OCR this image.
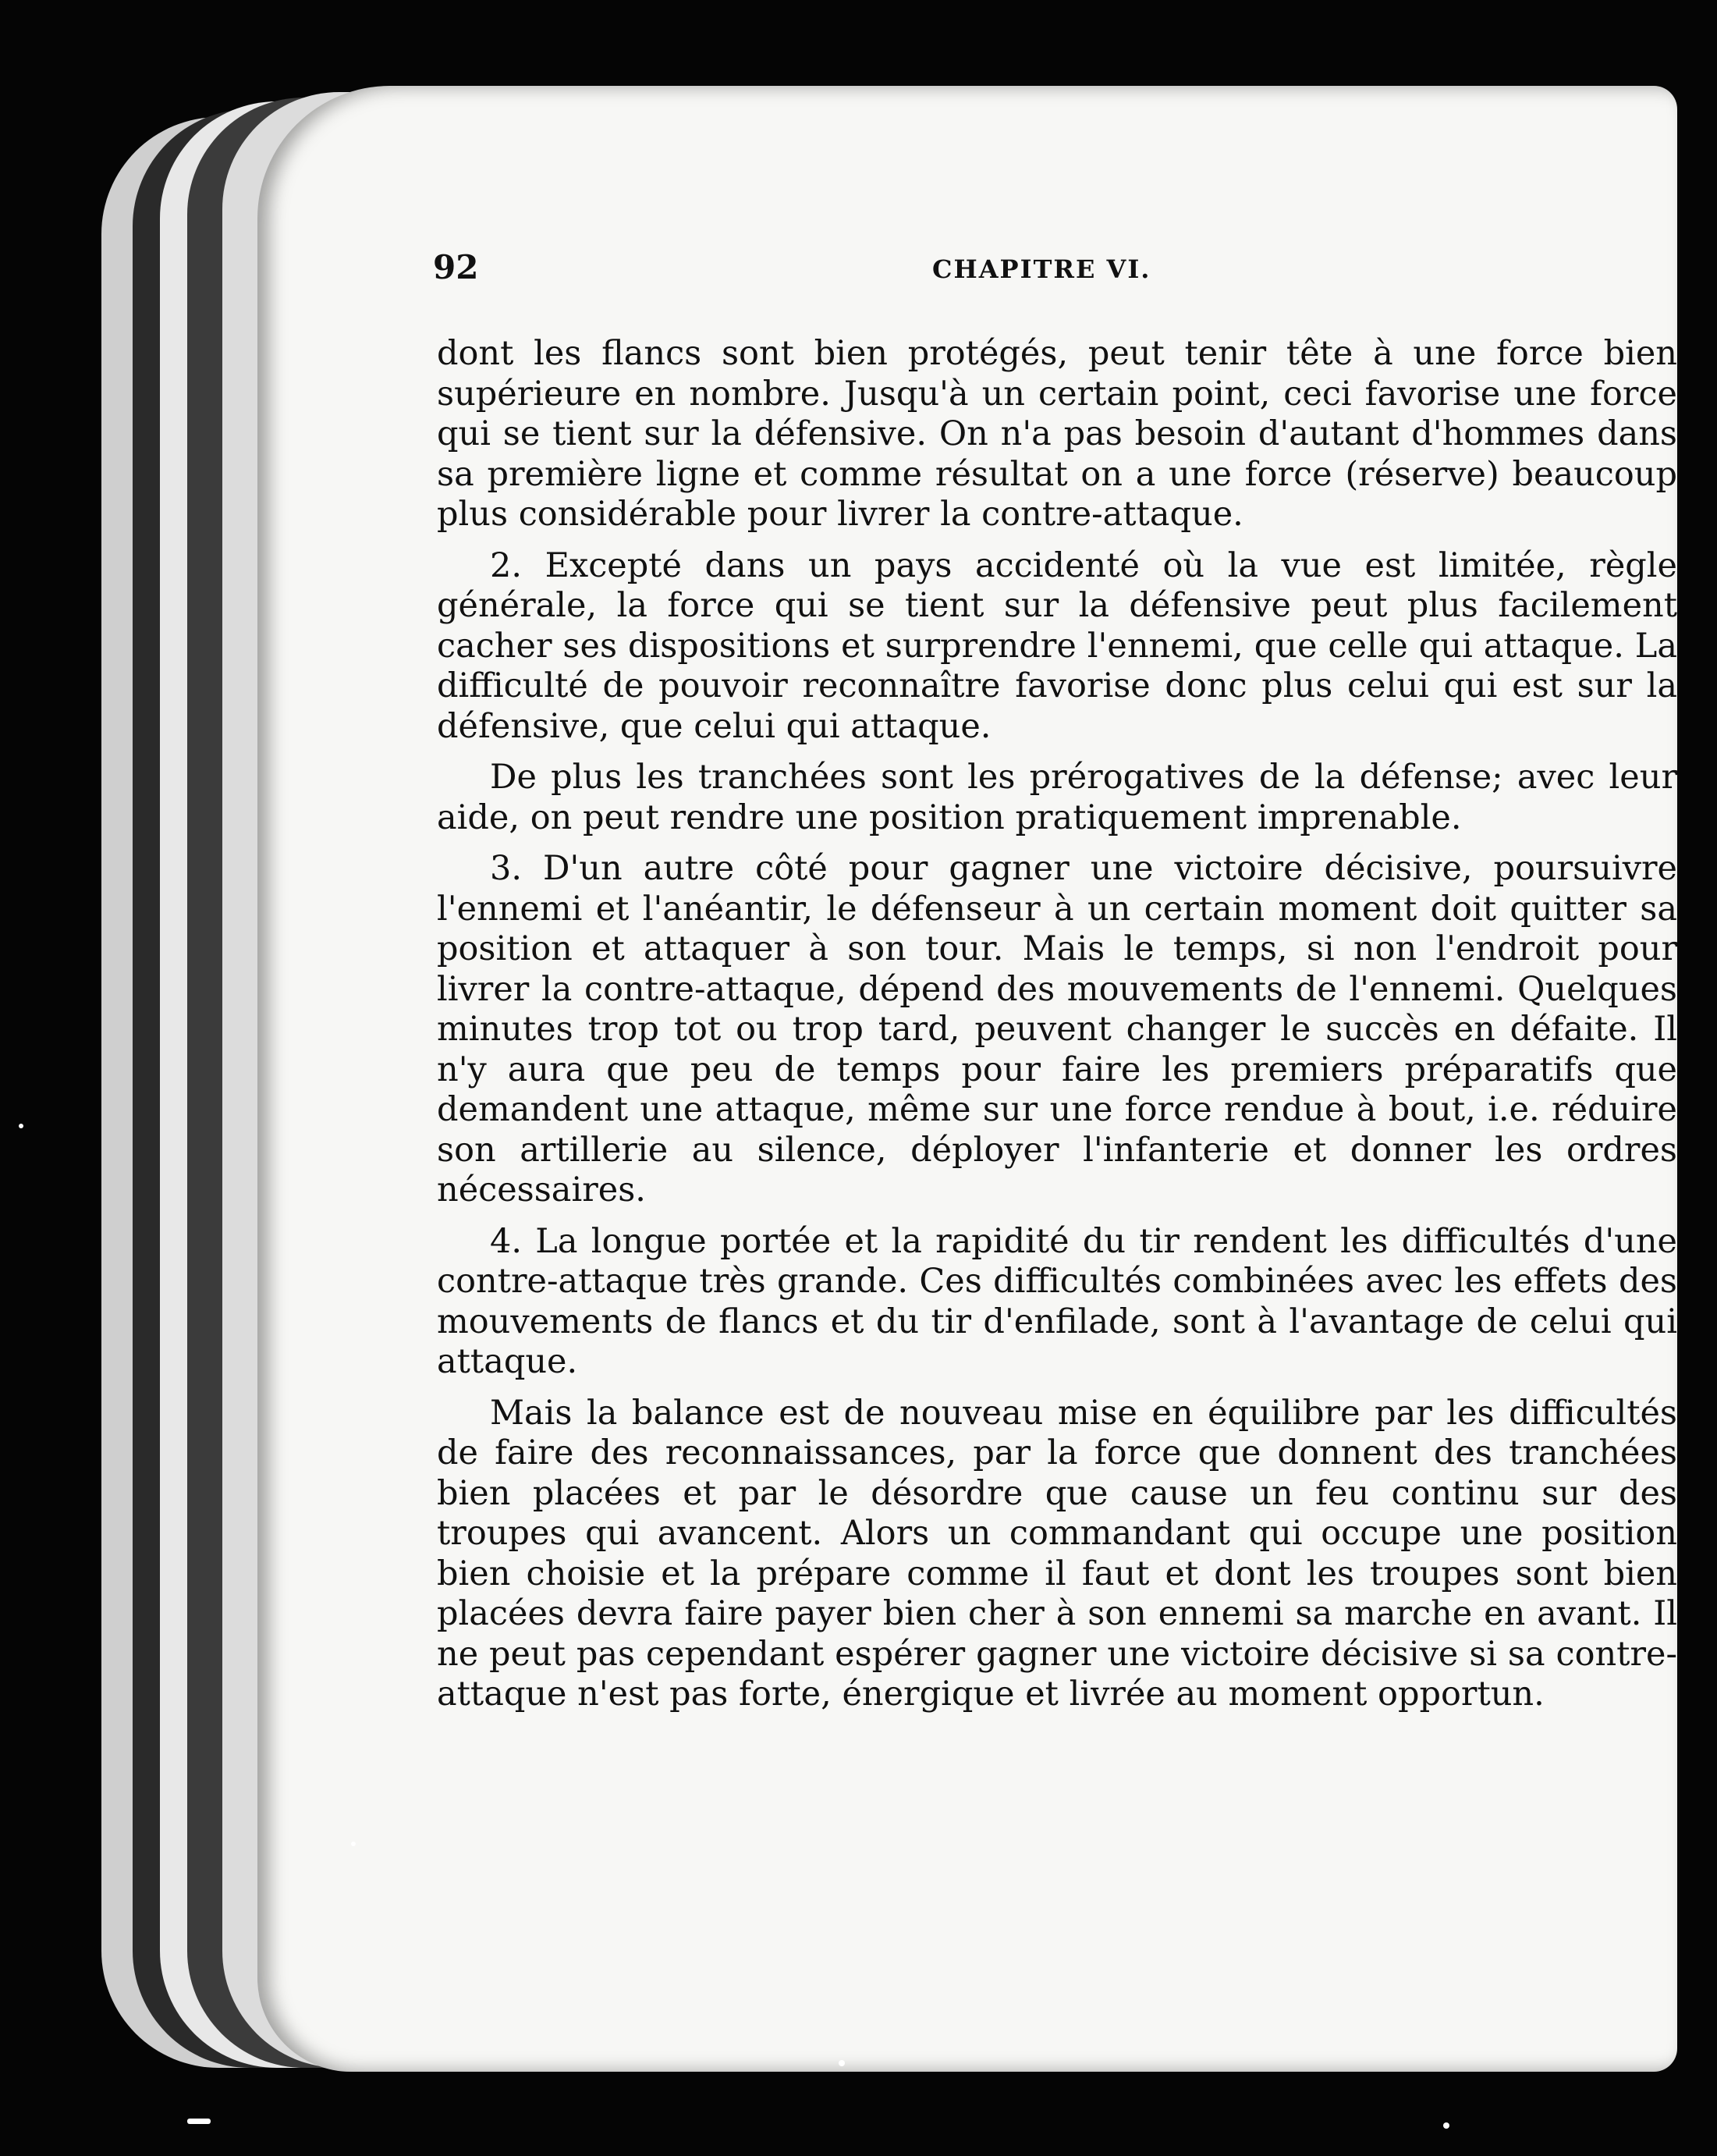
92	CHAPITRE VI.

dont les flancs sont bien protégés, peut tenir tête à une force bien supérieure en nombre. Jusqu'à un certain point, ceci favorise une force qui se tient sur la défensive. On n'a pas besoin d'autant d'hommes dans sa première ligne et comme résultat on a une force (réserve) beaucoup plus considérable pour livrer la contre-attaque.

2. Excepté dans un pays accidenté où la vue est limitée, règle générale, la force qui se tient sur la défensive peut plus facilement cacher ses dispositions et surprendre l'ennemi, que celle qui attaque. La difficulté de pouvoir reconnaître favorise donc plus celui qui est sur la défensive, que celui qui attaque.

De plus les tranchées sont les prérogatives de la défense; avec leur aide, on peut rendre une position pratiquement imprenable.

3. D'un autre côté pour gagner une victoire décisive, poursuivre l'ennemi et l'anéantir, le défenseur à un certain moment doit quitter sa position et attaquer à son tour. Mais le temps, si non l'endroit pour livrer la contre-attaque, dépend des mouvements de l'ennemi. Quelques minutes trop tot ou trop tard, peuvent changer le succès en défaite. Il n'y aura que peu de temps pour faire les premiers préparatifs que demandent une attaque, même sur une force rendue à bout, i.e. réduire son artillerie au silence, déployer l'infanterie et donner les ordres nécessaires.

4. La longue portée et la rapidité du tir rendent les difficultés d'une contre-attaque très grande. Ces difficultés combinées avec les effets des mouvements de flancs et du tir d'enfilade, sont à l'avantage de celui qui attaque.

Mais la balance est de nouveau mise en équilibre par les difficultés de faire des reconnaissances, par la force que donnent des tranchées bien placées et par le désordre que cause un feu continu sur des troupes qui avancent. Alors un commandant qui occupe une position bien choisie et la prépare comme il faut et dont les troupes sont bien placées devra faire payer bien cher à son ennemi sa marche en avant. Il ne peut pas cependant espérer gagner une victoire décisive si sa contre-attaque n'est pas forte, énergique et livrée au moment opportun.
